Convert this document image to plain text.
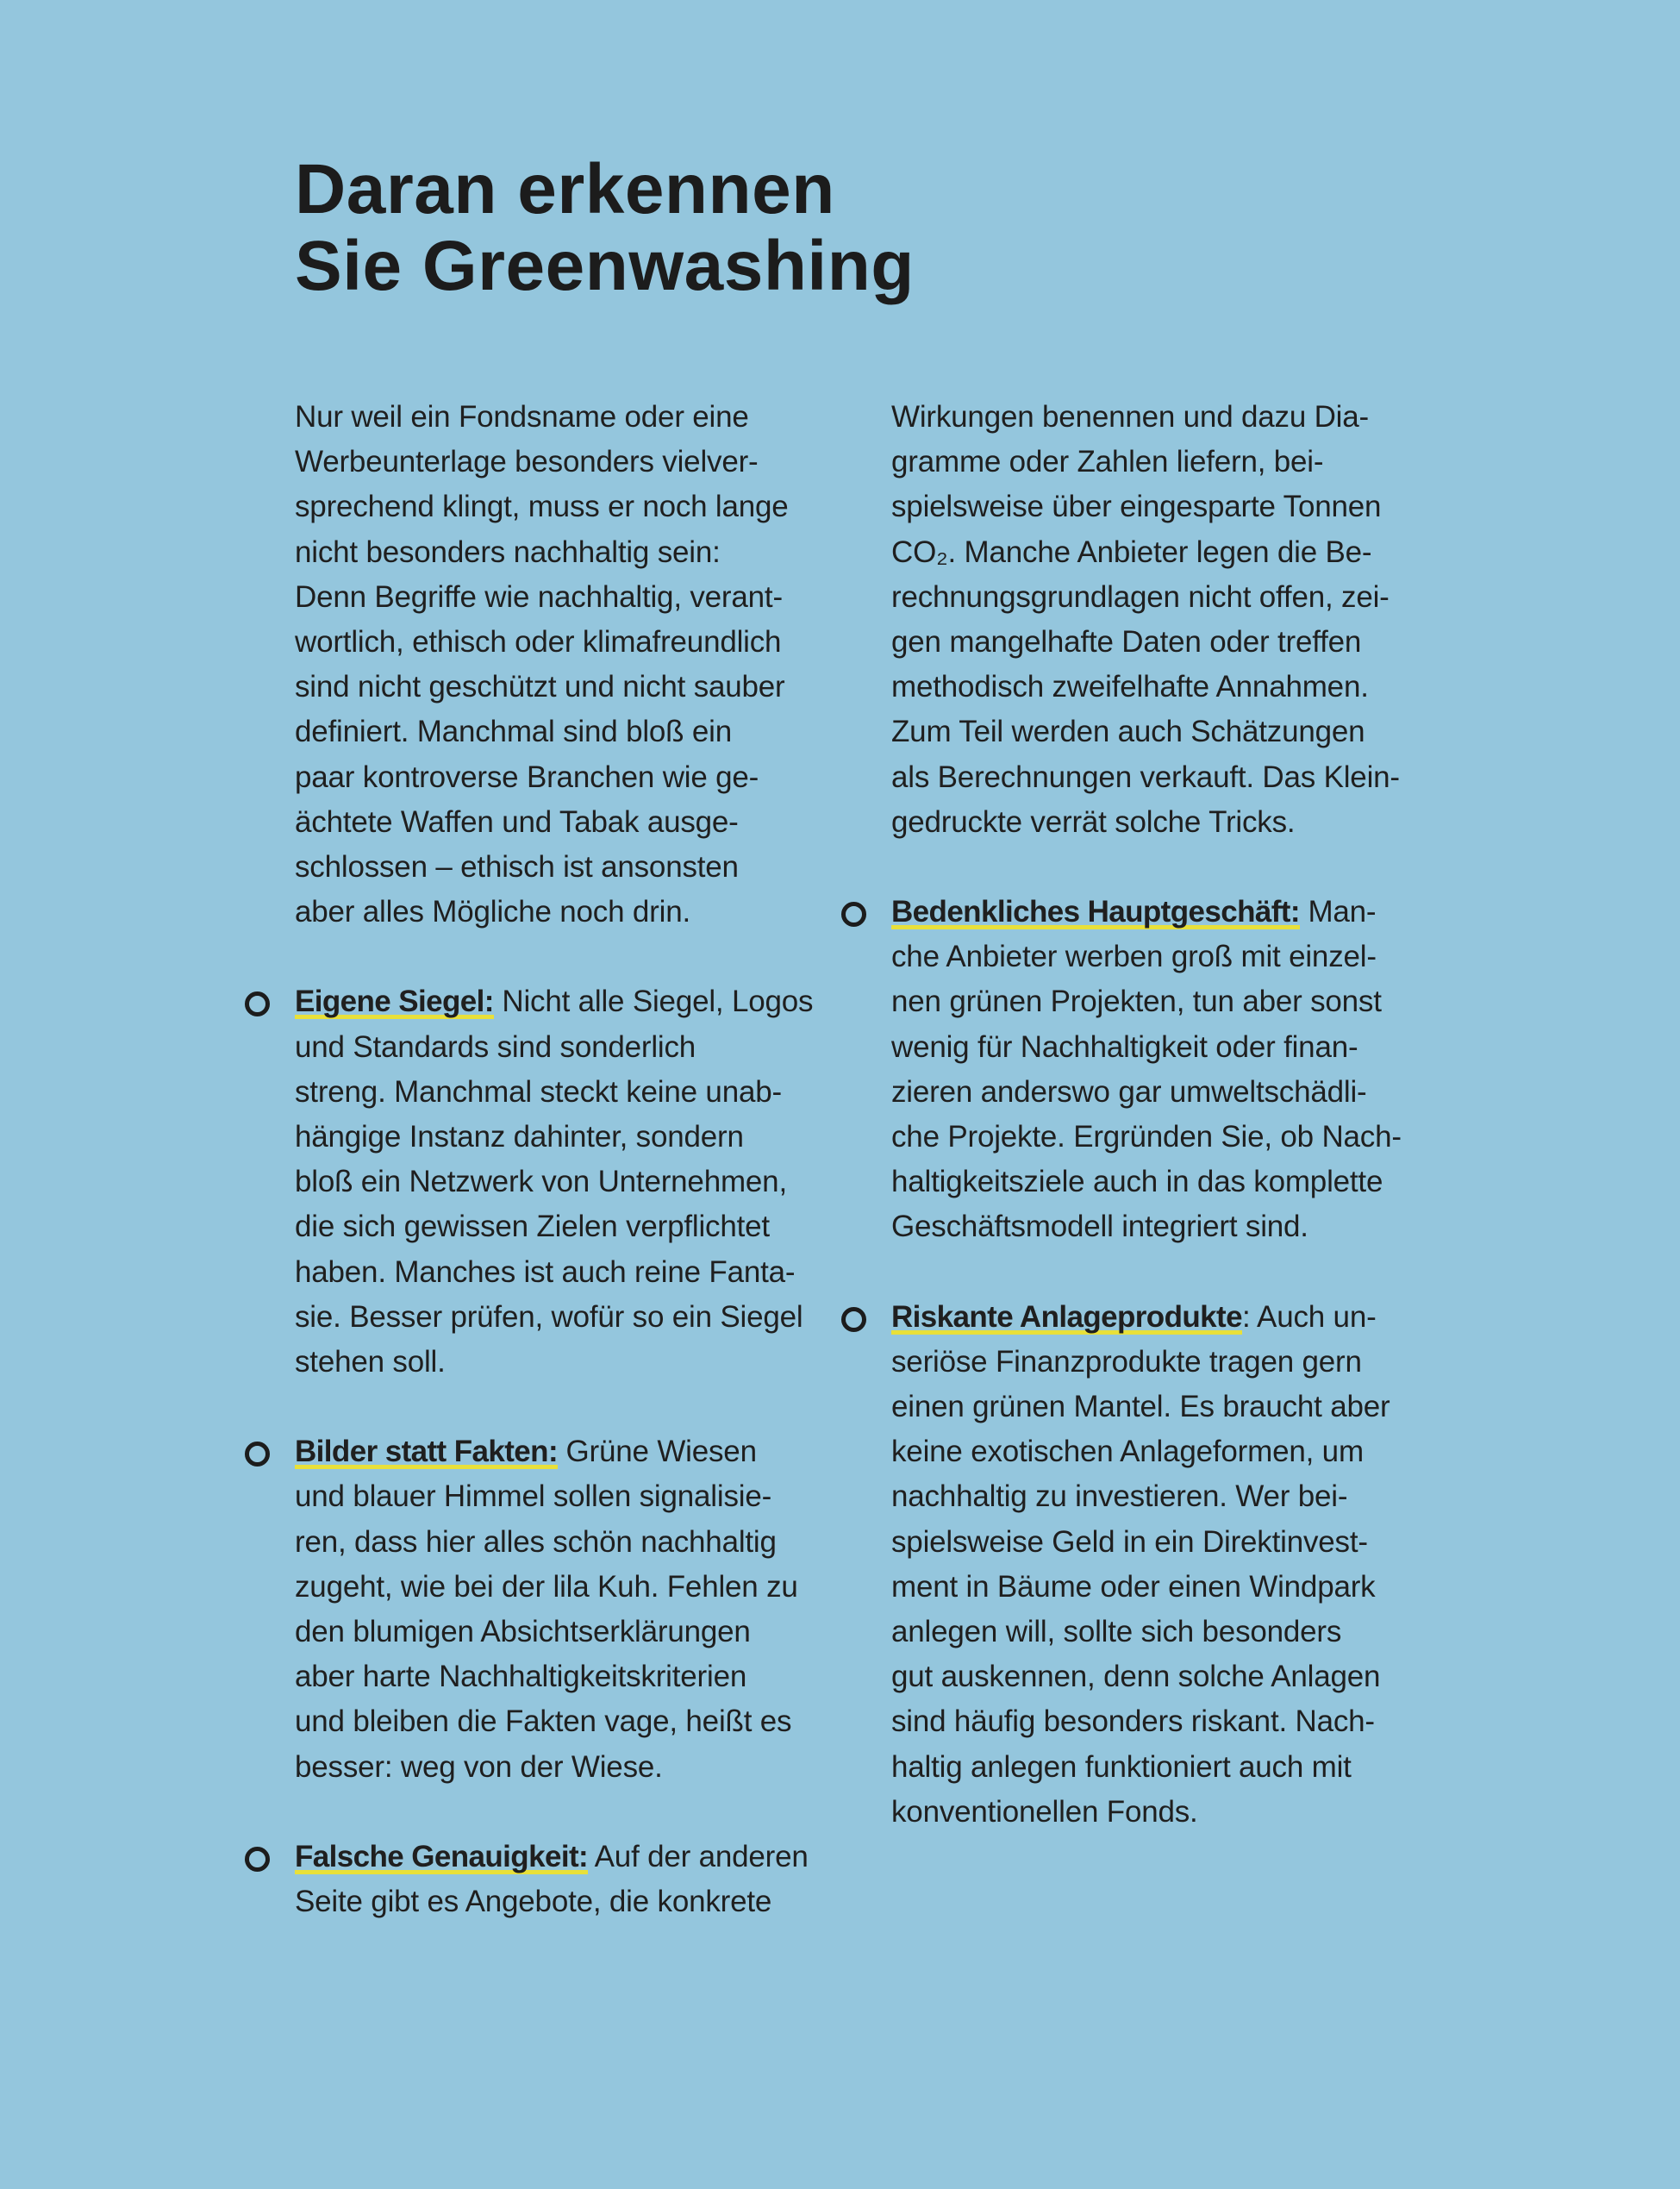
Daran erkennen
Sie Greenwashing

Nur weil ein Fondsname oder eine
Werbeunterlage besonders vielver-
sprechend klingt, muss er noch lange
nicht besonders nachhaltig sein:
Denn Begriffe wie nachhaltig, verant-
wortlich, ethisch oder klimafreundlich
sind nicht geschützt und nicht sauber
definiert. Manchmal sind bloß ein
paar kontroverse Branchen wie ge-
ächtete Waffen und Tabak ausge-
schlossen – ethisch ist ansonsten
aber alles Mögliche noch drin.

Eigene Siegel: Nicht alle Siegel, Logos
und Standards sind sonderlich
streng. Manchmal steckt keine unab-
hängige Instanz dahinter, sondern
bloß ein Netzwerk von Unternehmen,
die sich gewissen Zielen verpflichtet
haben. Manches ist auch reine Fanta-
sie. Besser prüfen, wofür so ein Siegel
stehen soll.

Bilder statt Fakten: Grüne Wiesen
und blauer Himmel sollen signalisie-
ren, dass hier alles schön nachhaltig
zugeht, wie bei der lila Kuh. Fehlen zu
den blumigen Absichtserklärungen
aber harte Nachhaltigkeitskriterien
und bleiben die Fakten vage, heißt es
besser: weg von der Wiese.

Falsche Genauigkeit: Auf der anderen
Seite gibt es Angebote, die konkrete

Wirkungen benennen und dazu Dia-
gramme oder Zahlen liefern, bei-
spielsweise über eingesparte Tonnen
CO₂. Manche Anbieter legen die Be-
rechnungsgrundlagen nicht offen, zei-
gen mangelhafte Daten oder treffen
methodisch zweifelhafte Annahmen.
Zum Teil werden auch Schätzungen
als Berechnungen verkauft. Das Klein-
gedruckte verrät solche Tricks.

Bedenkliches Hauptgeschäft: Man-
che Anbieter werben groß mit einzel-
nen grünen Projekten, tun aber sonst
wenig für Nachhaltigkeit oder finan-
zieren anderswo gar umweltschädli-
che Projekte. Ergründen Sie, ob Nach-
haltigkeitsziele auch in das komplette
Geschäftsmodell integriert sind.

Riskante Anlageprodukte: Auch un-
seriöse Finanzprodukte tragen gern
einen grünen Mantel. Es braucht aber
keine exotischen Anlageformen, um
nachhaltig zu investieren. Wer bei-
spielsweise Geld in ein Direktinvest-
ment in Bäume oder einen Windpark
anlegen will, sollte sich besonders
gut auskennen, denn solche Anlagen
sind häufig besonders riskant. Nach-
haltig anlegen funktioniert auch mit
konventionellen Fonds.
